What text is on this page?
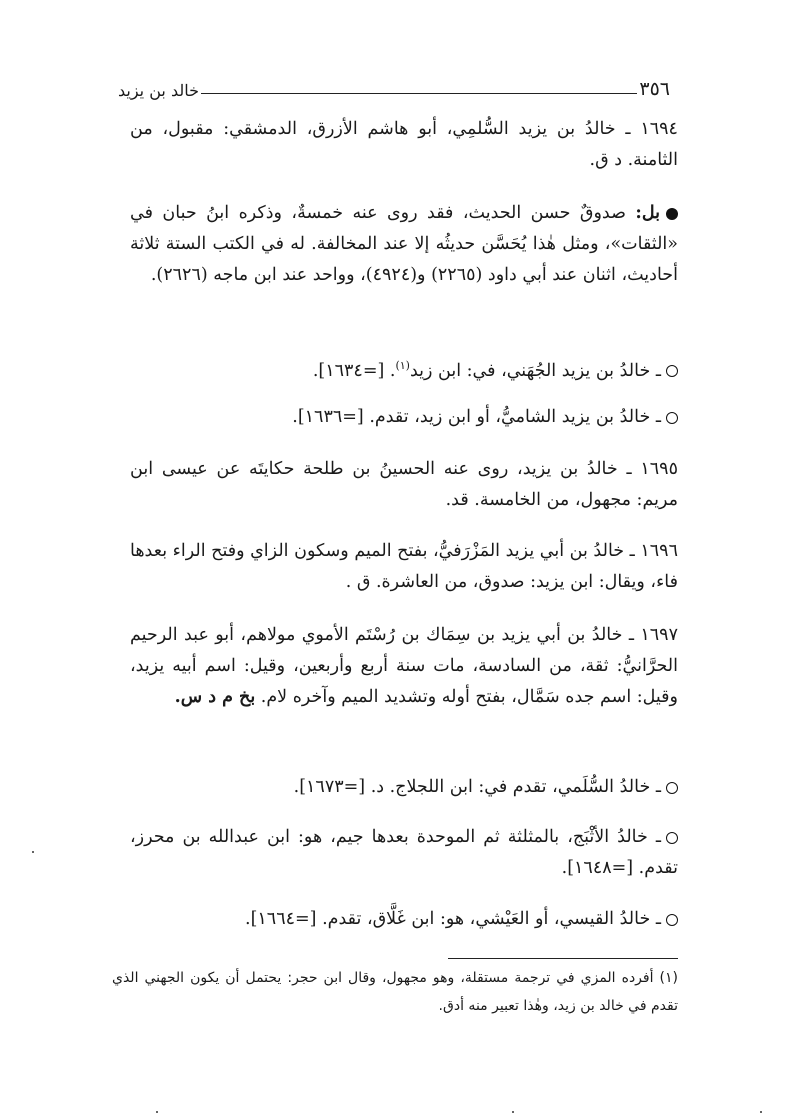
٣٥٦
خالد بن يزيد
١٦٩٤ ـ خالدُ بن يزيد السُّلمِي، أبو هاشم الأزرق، الدمشقي: مقبول، من الثامنة. د ق.
بل: صدوقٌ حسن الحديث، فقد روى عنه خمسةٌ، وذكره ابنُ حبان في «الثقات»، ومثل هٰذا يُحَسَّن حديثُه إلا عند المخالفة. له في الكتب الستة ثلاثة أحاديث، اثنان عند أبي داود (٢٢٦٥) و(٤٩٢٤)، وواحد عند ابن ماجه (٢٦٢٦).
ـ خالدُ بن يزيد الجُهَني، في: ابن زيد$^{(١)}$. [=١٦٣٤].
ـ خالدُ بن يزيد الشاميُّ، أو ابن زيد، تقدم. [=١٦٣٦].
١٦٩٥ ـ خالدُ بن يزيد، روى عنه الحسينُ بن طلحة حكايتَه عن عيسى ابن مريم: مجهول، من الخامسة. قد.
١٦٩٦ ـ خالدُ بن أبي يزيد المَزْرَفيُّ، بفتح الميم وسكون الزاي وفتح الراء بعدها فاء، ويقال: ابن يزيد: صدوق، من العاشرة. ق .
١٦٩٧ ـ خالدُ بن أبي يزيد بن سِمَاك بن رُسْتَم الأموي مولاهم، أبو عبد الرحيم الحرَّانيُّ: ثقة، من السادسة، مات سنة أربع وأربعين، وقيل: اسم أبيه يزيد، وقيل: اسم جده سَمَّال، بفتح أوله وتشديد الميم وآخره لام. بخ م د س.
ـ خالدُ السُّلَمي، تقدم في: ابن اللجلاج. د. [=١٦٧٣].
ـ خالدُ الأثْبَج، بالمثلثة ثم الموحدة بعدها جيم، هو: ابن عبدالله بن محرز، تقدم. [=١٦٤٨].
ـ خالدُ القيسي، أو العَيْشي، هو: ابن غَلَّاق، تقدم. [=١٦٦٤].
(١) أفرده المزي في ترجمة مستقلة، وهو مجهول، وقال ابن حجر: يحتمل أن يكون الجهني الذي تقدم في خالد بن زيد، وهٰذا تعبير منه أدق.
